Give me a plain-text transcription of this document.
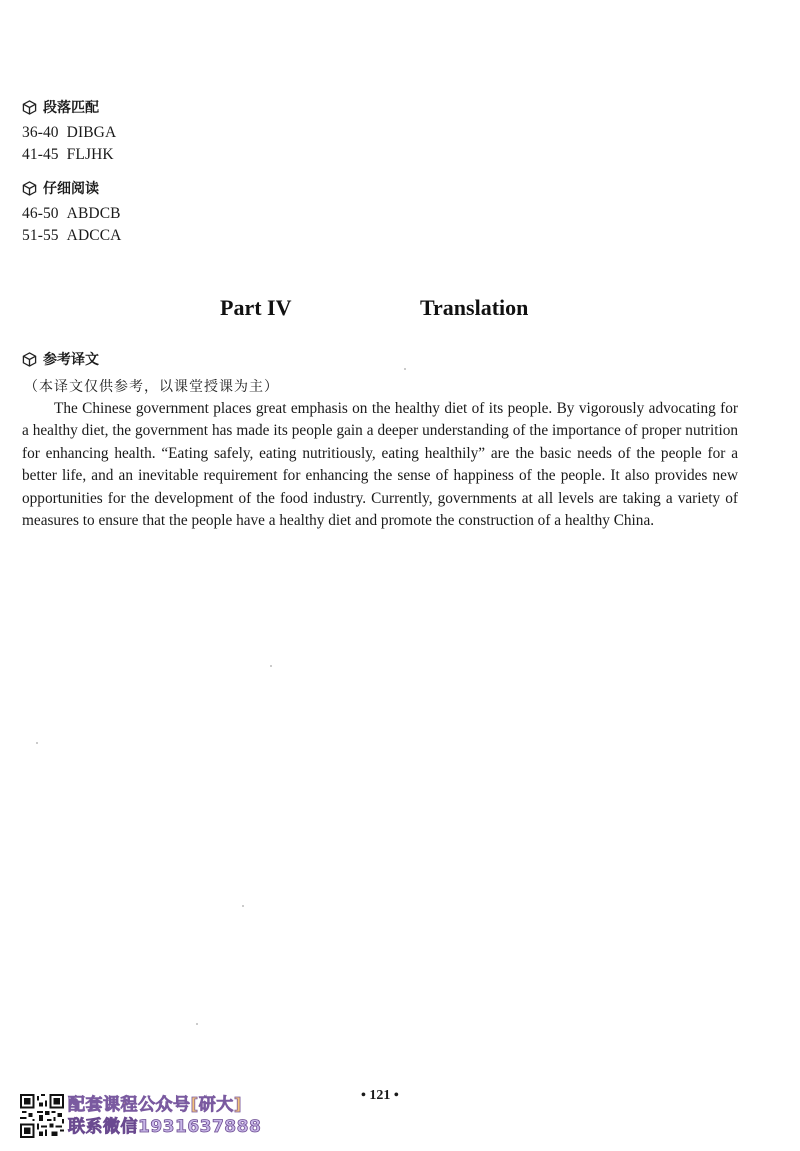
段落匹配
36-40 DIBGA
41-45 FLJHK
仔细阅读
46-50 ABDCB
51-55 ADCCA
Part IV	Translation
参考译文
（本译文仅供参考，以课堂授课为主）

The Chinese government places great emphasis on the healthy diet of its people. By vigorously advocating for a healthy diet, the government has made its people gain a deeper understanding of the importance of proper nutrition for enhancing health. “Eating safely, eating nutritiously, eating healthily” are the basic needs of the people for a better life, and an inevitable requirement for enhancing the sense of happiness of the people. It also provides new opportunities for the development of the food industry. Currently, governments at all levels are taking a variety of measures to ensure that the people have a healthy diet and promote the construction of a healthy China.

• 121 •
配套课程公众号[研大]
联系微信1931637888
